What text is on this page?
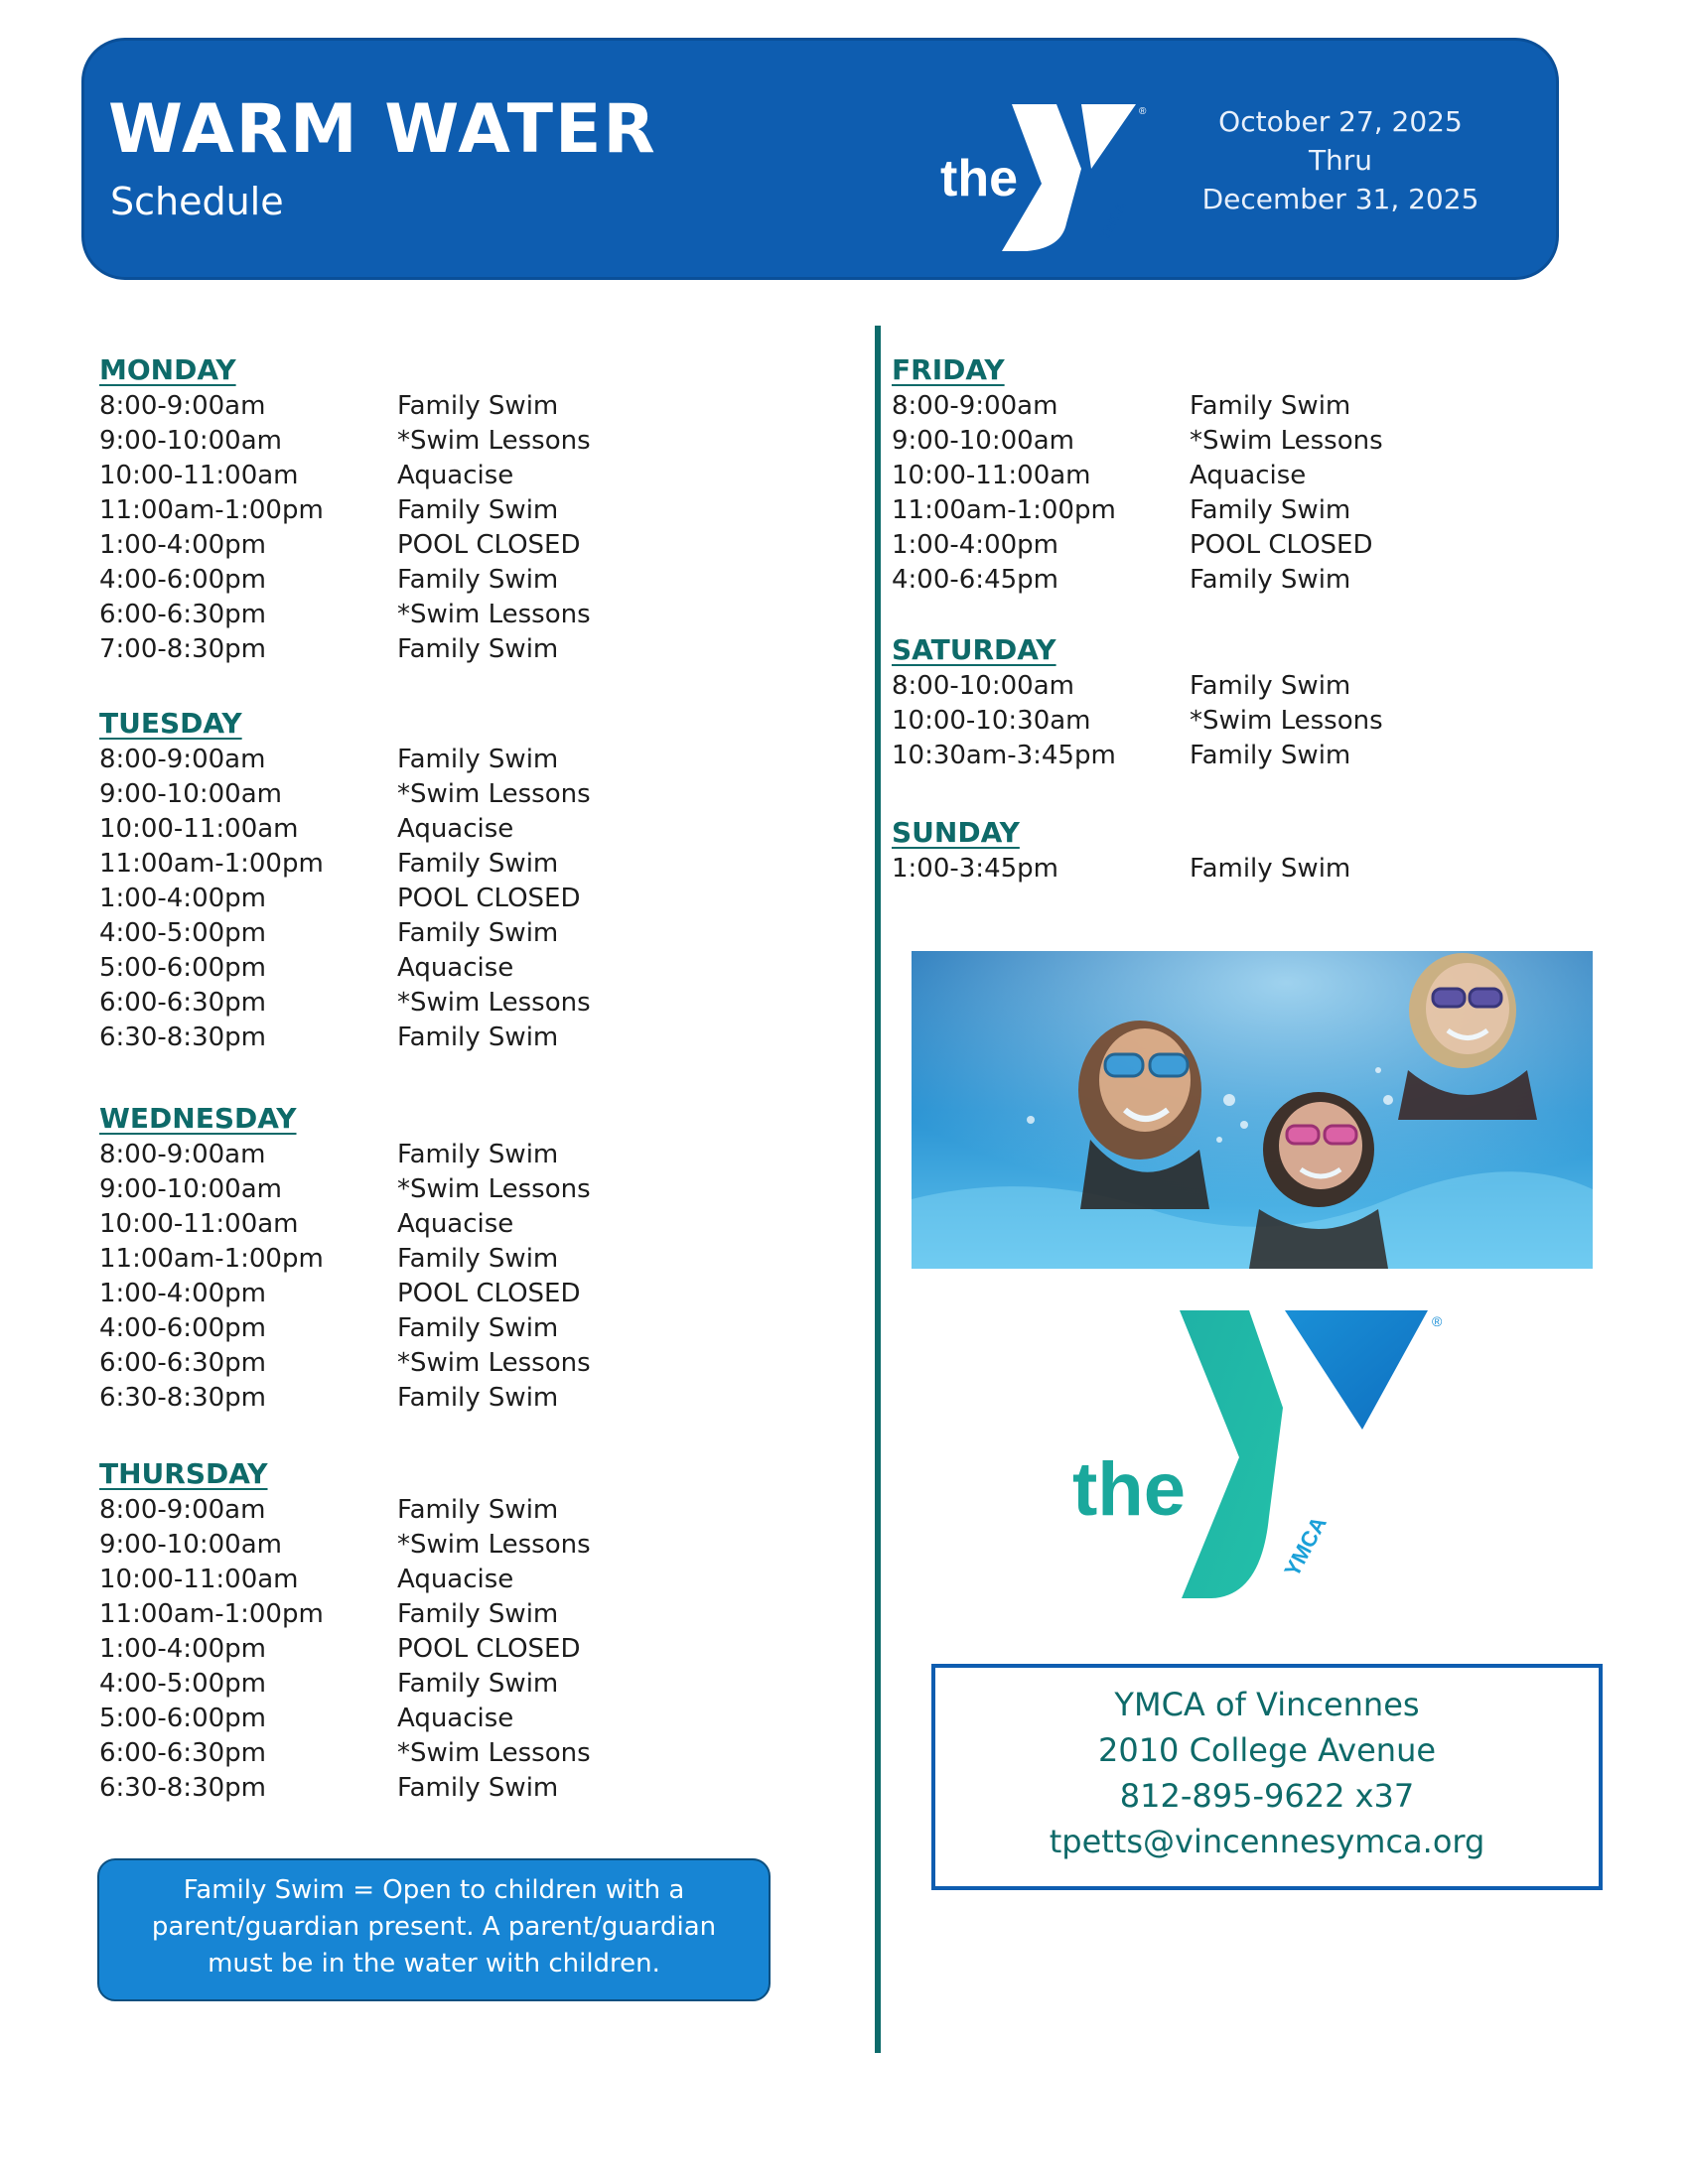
WARM WATER
Schedule	the
YMCA
®	October 27, 2025
Thru
December 31, 2025
MONDAY
8:00-9:00am	Family Swim
9:00-10:00am	*Swim Lessons
10:00-11:00am	Aquacise
11:00am-1:00pm	Family Swim
1:00-4:00pm	POOL CLOSED
4:00-6:00pm	Family Swim
6:00-6:30pm	*Swim Lessons
7:00-8:30pm	Family Swim
TUESDAY
8:00-9:00am	Family Swim
9:00-10:00am	*Swim Lessons
10:00-11:00am	Aquacise
11:00am-1:00pm	Family Swim
1:00-4:00pm	POOL CLOSED
4:00-5:00pm	Family Swim
5:00-6:00pm	Aquacise
6:00-6:30pm	*Swim Lessons
6:30-8:30pm	Family Swim
WEDNESDAY
8:00-9:00am	Family Swim
9:00-10:00am	*Swim Lessons
10:00-11:00am	Aquacise
11:00am-1:00pm	Family Swim
1:00-4:00pm	POOL CLOSED
4:00-6:00pm	Family Swim
6:00-6:30pm	*Swim Lessons
6:30-8:30pm	Family Swim
THURSDAY
8:00-9:00am	Family Swim
9:00-10:00am	*Swim Lessons
10:00-11:00am	Aquacise
11:00am-1:00pm	Family Swim
1:00-4:00pm	POOL CLOSED
4:00-5:00pm	Family Swim
5:00-6:00pm	Aquacise
6:00-6:30pm	*Swim Lessons
6:30-8:30pm	Family Swim
FRIDAY
8:00-9:00am	Family Swim
9:00-10:00am	*Swim Lessons
10:00-11:00am	Aquacise
11:00am-1:00pm	Family Swim
1:00-4:00pm	POOL CLOSED
4:00-6:45pm	Family Swim
SATURDAY
8:00-10:00am	Family Swim
10:00-10:30am	*Swim Lessons
10:30am-3:45pm	Family Swim
SUNDAY
1:00-3:45pm	Family Swim
Family Swim = Open to children with a
parent/guardian present. A parent/guardian
must be in the water with children.
the
YMCA
®
YMCA of Vincennes
2010 College Avenue
812-895-9622 x37
tpetts@vincennesymca.org
